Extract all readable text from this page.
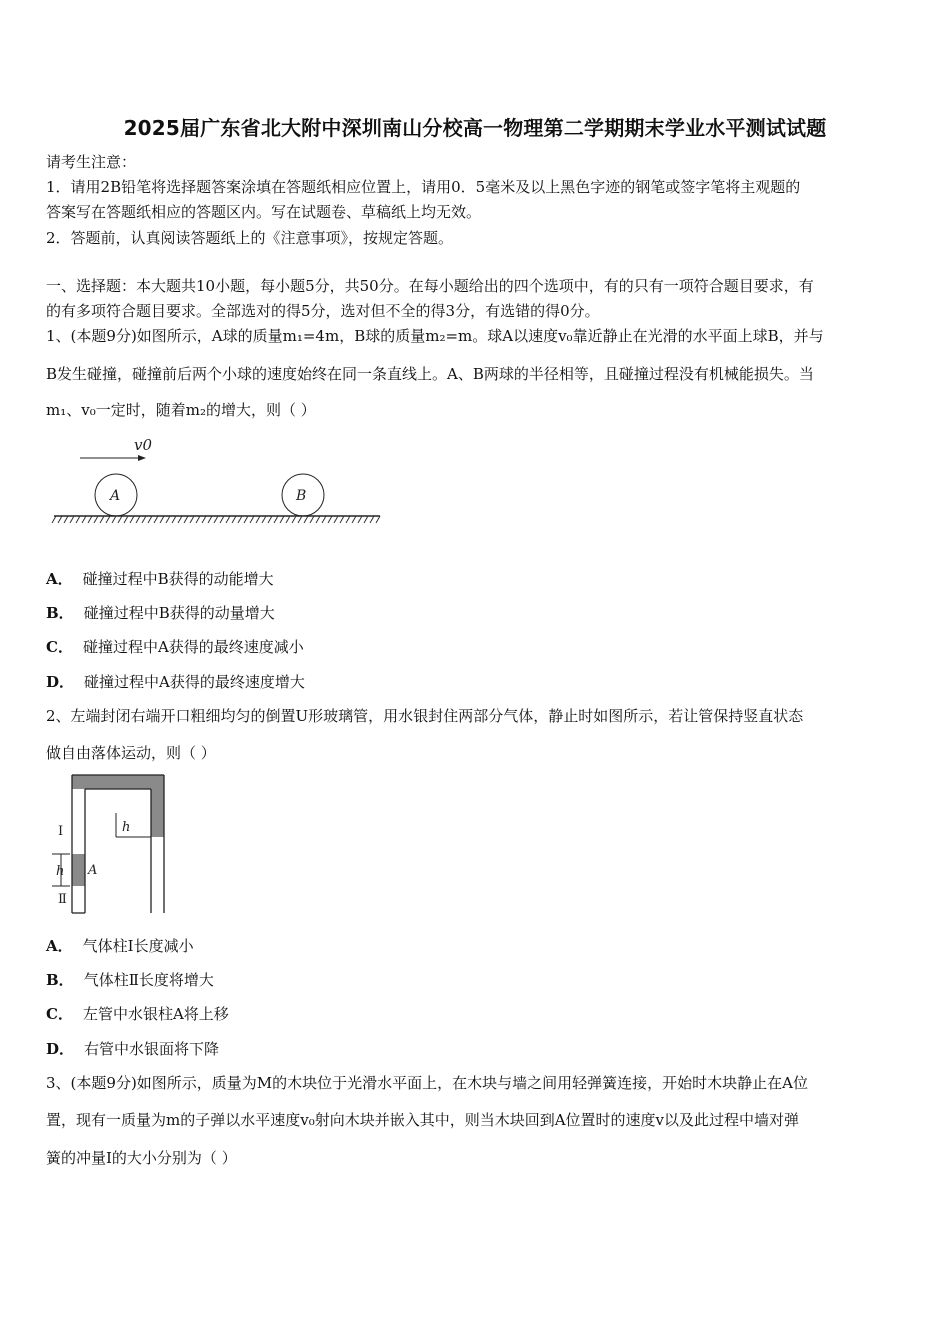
2025届广东省北大附中深圳南山分校高一物理第二学期期末学业水平测试试题
请考生注意：
1．请用2B铅笔将选择题答案涂填在答题纸相应位置上，请用0．5毫米及以上黑色字迹的钢笔或签字笔将主观题的
答案写在答题纸相应的答题区内。写在试题卷、草稿纸上均无效。
2．答题前，认真阅读答题纸上的《注意事项》，按规定答题。
一、选择题：本大题共10小题，每小题5分，共50分。在每小题给出的四个选项中，有的只有一项符合题目要求，有
的有多项符合题目要求。全部选对的得5分，选对但不全的得3分，有选错的得0分。
1、(本题9分)如图所示，A球的质量m₁=4m，B球的质量m₂=m。球A以速度v₀靠近静止在光滑的水平面上球B，并与
B发生碰撞，碰撞前后两个小球的速度始终在同一条直线上。A、B两球的半径相等，且碰撞过程没有机械能损失。当
m₁、v₀一定时，随着m₂的增大，则（ ）
v0
A	B
A． 碰撞过程中B获得的动能增大
B． 碰撞过程中B获得的动量增大
C． 碰撞过程中A获得的最终速度减小
D． 碰撞过程中A获得的最终速度增大
2、左端封闭右端开口粗细均匀的倒置U形玻璃管，用水银封住两部分气体，静止时如图所示，若让管保持竖直状态
做自由落体运动，则（ ）
h
Ⅰ
h A
Ⅱ
A． 气体柱Ⅰ长度减小
B． 气体柱Ⅱ长度将增大
C． 左管中水银柱A将上移
D． 右管中水银面将下降
3、(本题9分)如图所示，质量为M的木块位于光滑水平面上，在木块与墙之间用轻弹簧连接，开始时木块静止在A位
置，现有一质量为m的子弹以水平速度v₀射向木块并嵌入其中，则当木块回到A位置时的速度v以及此过程中墙对弹
簧的冲量I的大小分别为（ ）
